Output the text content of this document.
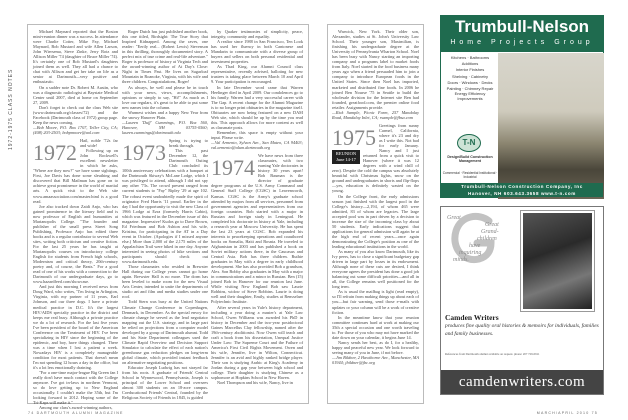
1972-1975 CLASS NOTES

Michael Maynard reported that the Boston mini-reunion dinner was a success. In attendance were Charlie Cotter, Mike Fay, Michael Maynard, Bob Mustard and wife Allen Larson, John Wiersema, Steve Zinke, Jerry Rotz and Allison Miller '74 (daughter of Bruce Miller '74). It's certainly one of Bob Mustard's daughters joined them as well. They all had a chance to chat with Allison and get her take on life as a senior at Dartmouth—very positive and enthusiastic.

On a sadder note Dr. Robert M. Austin, who was a diagnostic radiologist at Baystate Medical Center until 2007, died at home on September 27, 2009.

Don't forget to check out the class Web site (www.dartmouth.org/classes/72) and the Facebook (Dartmouth class of 1972) group page. Keep the news coming.

—Bob Moore, P.O. Box 1707, Teller City, CA; (408) 203-2503; bobpmoore@aol.com

1972 Hail, noble '72s far and wide!

Following up on John Rockwell's excellent newsletter in which he asks, "Where are they now?" we have some sightings. First, Joe Davis has done some sleuthing and discovered that Bill Mailman has gone on to achieve great prominence in the world of martial arts. A quick visit to the Web site www.amaassociation.com/master.html is a good read.

Joe also tracked down Zaidi Anjo, who has gained prominence in the literary field and is now professor of English and humanities at Marianopolis College. "The founder and publisher of the small press Street Song Publishing, Professor Anjo has edited three books and is a regular contributor to several Web sites, writing both criticism and creative fiction. For the last 25 years he has taught at Marianopolis courses on introductory college English for students from French high schools, Modernism and critical theory, 20th-century poetry and, of course, the Beats." For a good read of one of his works with a connection to the Dartmouth of our undergraduate days, go to www.hazardfeed.com/showcase.

And just this morning I received news from Doug Ward, who writes, "I'm living in Arlington, Virginia, with my partner of 11 years, Earl Johnson, and our three dogs. I have a private medical practice in D.C. It's the largest HIV/AIDS specialty practice in the district and keeps me real busy. Although a private practice we do a lot of research. For the last five years I've been president of the board of the American Conference on the Treatment of HIV. I've been specializing in HIV since the beginning of the epidemic, and boy, have things changed. There was a time when I lost a patient a week. Nowadays HIV is a completely manageable condition for most patients. That doesn't mean I'm not spending 12 hours a day in the office, but it's a lot less emotionally draining.

"For a one-time major-league Big Green fan I really don't have much contact with the College anymore. I've got in-laws in northern Vermont, so do love getting up to New England occasionally. I couldn't make the 35th, but I'm looking forward to 2012. Hoping some of the Tri-Kaps will make it."

Among our class's award-winning authors,

Roger Dutch has just published another book, this one titled, Birdsight: The True Story that Inspired Kidnapped. Among the raves, one reader: "Eerily real... (Robert Lewis) Stevenson in this thrilling, thoroughly documented story. A perfect mix of true crime and real-life adventure." Roger is professor of history at Virginia Tech and the award-winning author of At Day's Close: Night in Times Past. He lives on Sugarloaf Mountain in Roanoke, Virginia, with his wife and three children. Congratulations, Roger!

As always, be well and please be in touch with your news, views, accomplishments, opinions or simply to say, "Hi!" As much as I love our regulars, it's great to be able to put some new names into the column.

Warmest wishes and a happy New Year from the snowy Hanover Plain.

—Lauren 'Duff' Cummings, P.O. Box 560, Hanover, NH 03755-0560; lauren.cummings@dartmouth.edu

1973 Spring is trying to break through.

This past December 12, the Dartmouth Outing Club concluded its 100th anniversary celebrations with a banquet at the Dartmouth Skiway's McLane Lodge, which I was privileged to attend, although I did not spy any other '73s. The crowd present ranged from current students to "Fay" Ripley '29 at age 102. The robust event undoubtedly made the spirit of originator Fred Harris '11 proud. Earlier in the day I had the opportunity to visit the new Class of 1966 Lodge at Ezra (formerly Harris Cabin), which was featured in the December issue of this magazine. Impressive! Kudos go to Dave Brown, Ed Friedman and Bob Ashton and his wife, Kristina, for participating in the AT in a Day event in October. (Apologies if I missed anyone else.) More than 2,000 of the 2,175 miles of the Appalachian Trail were hiked in one day. Anyone interested in seeing photos of hike sections and participants should check out www.dartmouth.edu.

Those classmates who resided in Brewster Hall during our College years cannot go home again. Brewster Hall is no more. The dorm has been leveled to make room for the new Visual Arts Center, intended to unite the departments of studio art and film and media studies under one roof.

Todd Stern was busy at the United Nations Climate Change Conference in Copenhagen, Denmark, in December. As the special envoy for climate change he served as the lead negotiator mapping out the U.S. strategy, and in large part he relied on projections from a computer model developed by a group of Dartmouth alumni. Todd and his State Department colleagues used the Climate Rapid Overview and Decision Support Simulator to calculate the effect of each nation's greenhouse gas reduction pledges on long-term global climate, which provided instant feedback on alternative negotiating positions.

Educator Joseph Ludwig has not strayed far from his roots. A graduate of Friends' Central School in Wynnewood, Pennsylvania, Joseph is principal of the Lower School and oversees almost 300 students on an 18-acre campus. Coeducational Friends' Central, founded by the Religious Society of Friends in 1845, is guided

by Quaker testimonies of simplicity, peace, integrity, community and equality.

A realtor since 1988 in San Francisco, Ten Look has used her fluency in both Cantonese and Mandarin to communicate with a diverse group of buyers and sellers on both personal residential and investment properties.

As Thad King, our Alumni Council class representative, recently advised, balloting for new trustees is taking place between March 10 and April 9. Your participation is encouraged.

In late December word came that Warren Heelinger died in April 2009. Our condolences go to his family. Warren had a very successful career with The Gap. A recent change for the Alumni Magazine is to no longer print obituaries in the magazine itself. Obituaries are now being featured on a new DAM Web site, which should be up by the time you read this. This approach allows for more content as well as classmate posts.

Remember, this space is empty without your input. Please write.

—Val Armento, Sylvan Ave., San Mateo, CA 94403; val.armento@alum.dartmouth.org

1974 We have news from three classmates, with two earning Yale doctorates in history 30 years apart! Bob Bauman is the director of graduate degree programs at the U.S. Army Command and General Staff College (CGSC) in Leavenworth, Kansas. CGSC is the Army's graduate school attended by majors from all services, personnel from government agencies and representatives from our foreign countries. Bob started with a major in Russian and foreign study in Leningrad. He completed his doctorate in history at Yale, including a research year at Moscow University. He has spent the last 23 years at CGSC. Bob expanded his interests to peacekeeping operations and coauthored books on Somalia, Haiti and Bosnia. He traveled to Afghanistan in 2003 and has published a book on Soviet military actions there, in the Caucasus and Central Asia. Bob has three children. Ruthie graduates in May with a degree in early childhood development. She has also provided Bob a grandson, Alex. Son Bobby also graduates in May with a major in communications and a minor in Russian. Ben (15) joined Bob in Hanover for our reunion last June. While visiting New England Bob saw Laurie Robbins, widow of Steve Robbins. Laurie is doing well and their daughter, Emily, studies at Rensselaer Polytechnic Institute.

After several years in Yale's history department, including a year doing a master's at Yale Law School, Owen Williams was awarded his PhD in history in December and the two-year postdoctoral Gaines Marcellus Clay fellowship, named after the 19th-century abolitionist. Now Owen will teach and craft a book from his dissertation, Unequal Justice Under Law: The Supreme Court and the Failure of America's First Civil Rights Movement. Owen and his wife, Jennifer, live in Wilton, Connecticut. Jennifer is an avid and highly ranked bridge player. Their son is studying Arabic at King's Academy in Jordan during a gap year between high school and college. Their daughter is studying Chinese as a sophomore at Hopkins School in New Haven.

Noel Thompson and his wife, Nancy, live in

Warwick, New York. Their older son, Alexander, studies at St. John's University Law School. Their younger son, Maximilian, is finishing his undergraduate degree at the University of Pennsylvania Wharton School. Noel has been busy with Nancy starting an importing company and a programs label to market foods from Italy. Noel started in the food business many years ago when a friend persuaded him to join a company to introduce European foods in the United States. Since then Noel has imported, marketed and distributed fine foods. In 2006 he joined Ben Nourse '75 in Seattle to build the wholesale division for the Internet site Ben had founded, greatfood.com, the premier online food retailer. Assignments provide.

—Rick Sample, Picnic Farm, 257 Mandalay Road, Mandalay Inlet, CA; rsample@fbsa.com

1975
REUNION
June 14-17

Greetings from sunny Carmel, California, where it's 23 and dry as I write this. Not bad for early January. Nancy and I just returned from a quick visit to Hanover (where it was 12 degrees with a wind chill of zero). Despite the cold the campus was absolutely beautiful with Christmas lights, snow on the ground and undergraduates in shorts and flip-flops—yes, education is definitely wasted on the young.

On the College front, the early admissions season just finished with the largest pool in the College's history—2,194, of whom 465 were admitted, 83 of whom are legacies. The large accepted pool was in part driven by a decision to increase the size of the incoming class by about 50 students. Early indications suggest that applications for general admission will again be at the high end of recent years—once again demonstrating the College's position as one of the leading educational institutions in the world.

As many of you also know Dartmouth, like its Ivy peers, has to close a significant budgetary gap driven in large part by losses in its endowment. Although none of these cuts are desired, I think everyone agrees the president has done a good job balancing out some difficult priorities—and all in all, the College remains well positioned for the long term.

As is usual the mailbag is light (read empty), so I'll refrain from making things up about each of you—but fair warning, send those e-mails with updates or your column will be a work of creative fiction.

In the meantime know that your reunion committee continues hard at work at making our 35th a special occasion and one worth traveling to. For those of you who may not have marked the date down on your calendar, it begins June 14.

Nancy sends her best, as do I, for a healthy, happy and peaceful new year. We look forward to seeing many of you in June, if not before.

—Jim Bildner, 2 Hawthorne Ave., Manchester, MA 01944; jbildner@jbc.org

Trumbull-Nelson
Home Projects Group
Kitchens · Bathrooms
Additions
Interior Finishes
Shelving · Cabinetry
Doors · Windows · Decks
Painting · Chimney Repair
Energy Efficiency Improvements
T-N
Design/Build Construction Management
Commercial · Residential Institutional · Industrial
Trumbull-Nelson Construction Company, Inc
Hanover, NH 603.643.3658 www.t-n.com
Great
Great
Grand-
children
have
inquiring
minds.
Camden Writers
produces fine quality oral histories & memoirs for individuals, families and family businesses.
References from Dartmouth alumni available on request. phone: 207 729-0911
camdenwriters.com
74 DARTMOUTH ALUMNI MAGAZINE	MARCH/APRIL 2010 75
